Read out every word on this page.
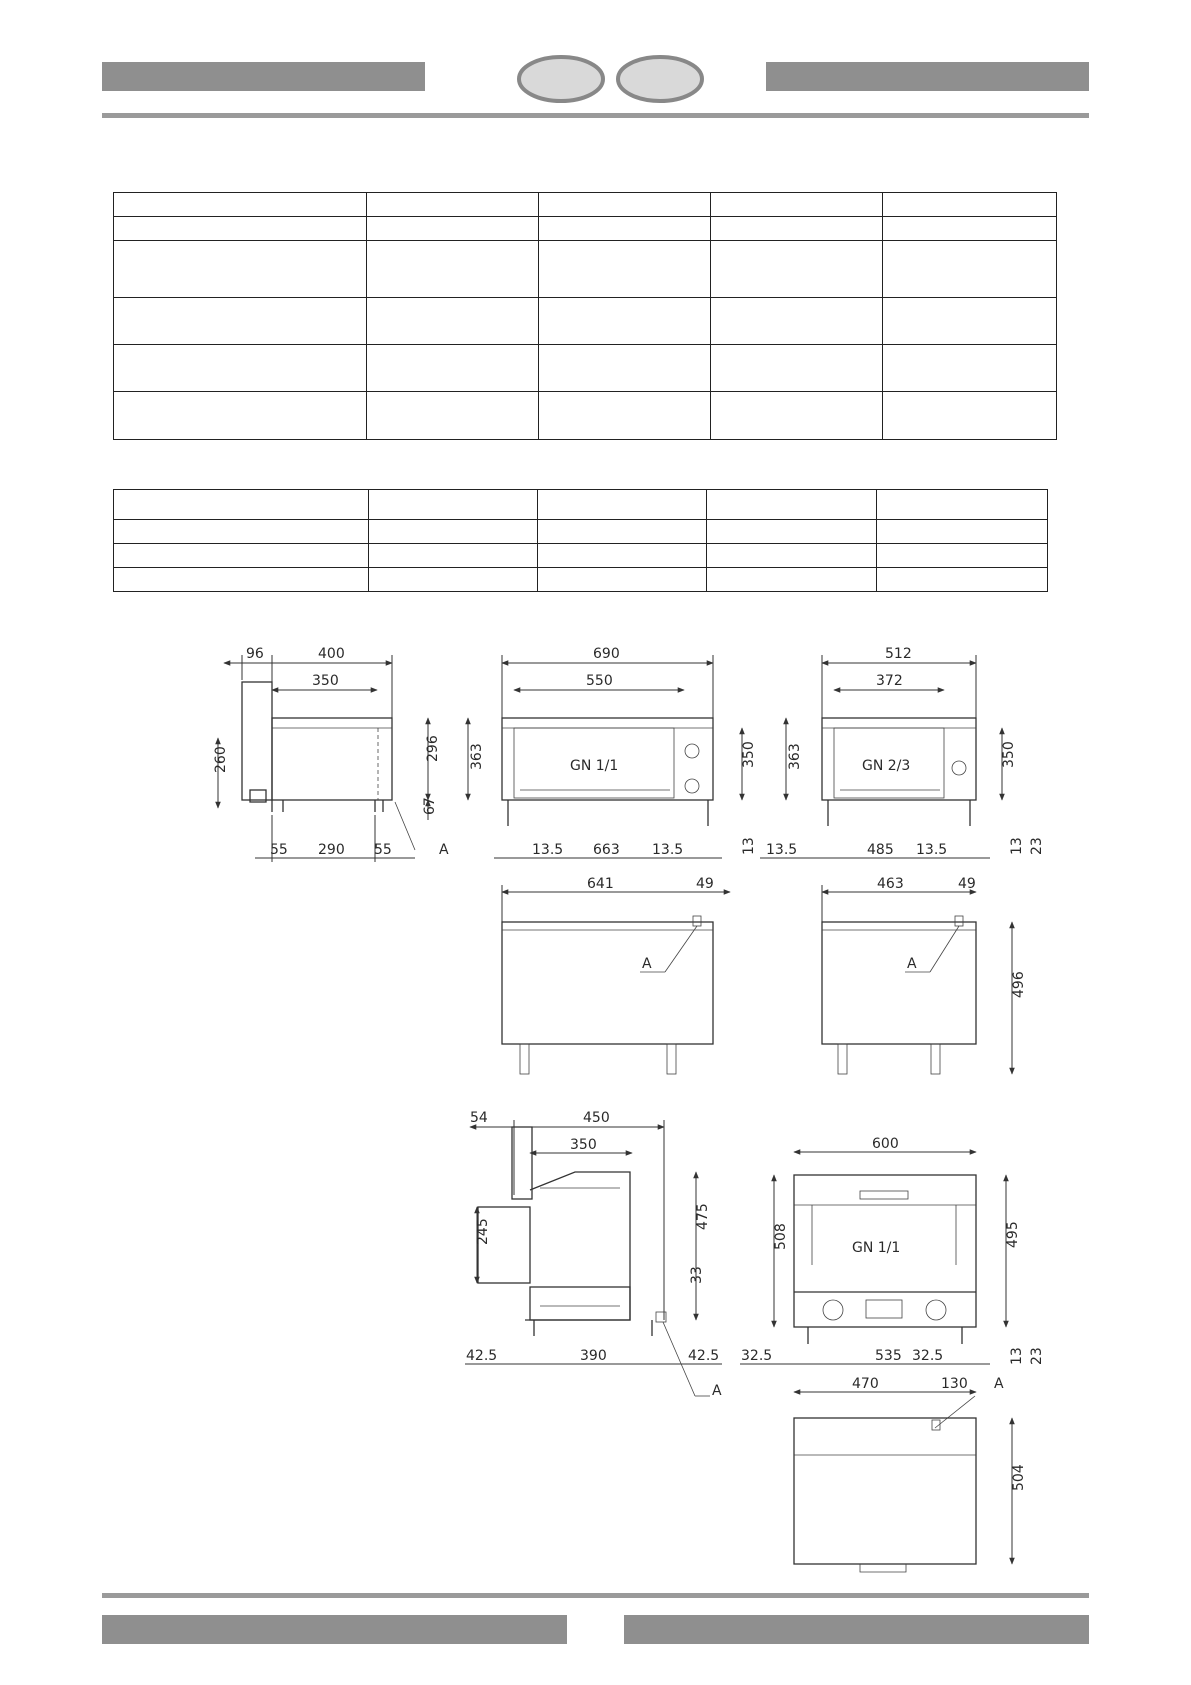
96	400
350
260	296
67
55 290 55	A
690
550
GN 1/1
363	350
13.5 663 13.5	13
512
372
GN 2/3
363	350
13.5	485 13.5	13 23
641	49
A
463	49
A
496
54	450
350
245
475
33
42.5	390	42.5
A
600
GN 1/1
508	495
32.5	535 32.5	13 23
470	130 A
504
